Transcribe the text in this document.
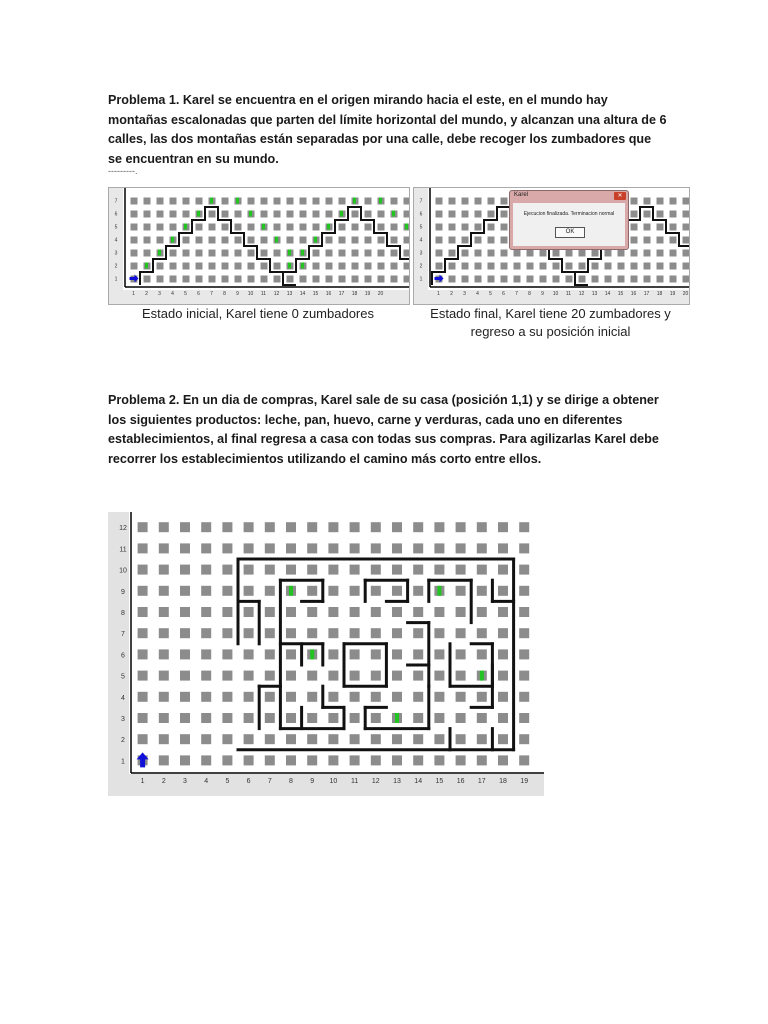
Problema 1. Karel se encuentra en el origen mirando hacia el este, en el mundo hay montañas escalonadas que parten del límite horizontal del mundo, y alcanzan una altura de 6 calles, las dos montañas están separadas por una calle, debe recoger los zumbadores que se encuentran en su mundo.

---------.
1 2 3 4 5 6 7 8 9 10 11 12 13 14 15 16 17 18 19 20
1
2
3
4
5
6
7
1 2 3 4 5 6 7 8 9 10 11 12 13 14 15 16 17 18 19 20
1
2
3
4
5
6
7
Karel	✕
Ejecucion finalizada. Terminacion normal
OK

Estado inicial, Karel tiene 0 zumbadores	Estado final, Karel tiene 20 zumbadores y regreso a su posición inicial

Problema 2. En un dia de compras, Karel sale de su casa (posición 1,1) y se dirige a obtener los siguientes productos: leche, pan, huevo, carne y verduras, cada uno en diferentes establecimientos, al final regresa a casa con todas sus compras. Para agilizarlas Karel debe recorrer los establecimientos utilizando el camino más corto entre ellos.

1 2 3 4 5 6 7 8 9 10 11 12 13 14 15 16 17 18 19
1
2
3
4
5
6
7
8
9
10
11
12
